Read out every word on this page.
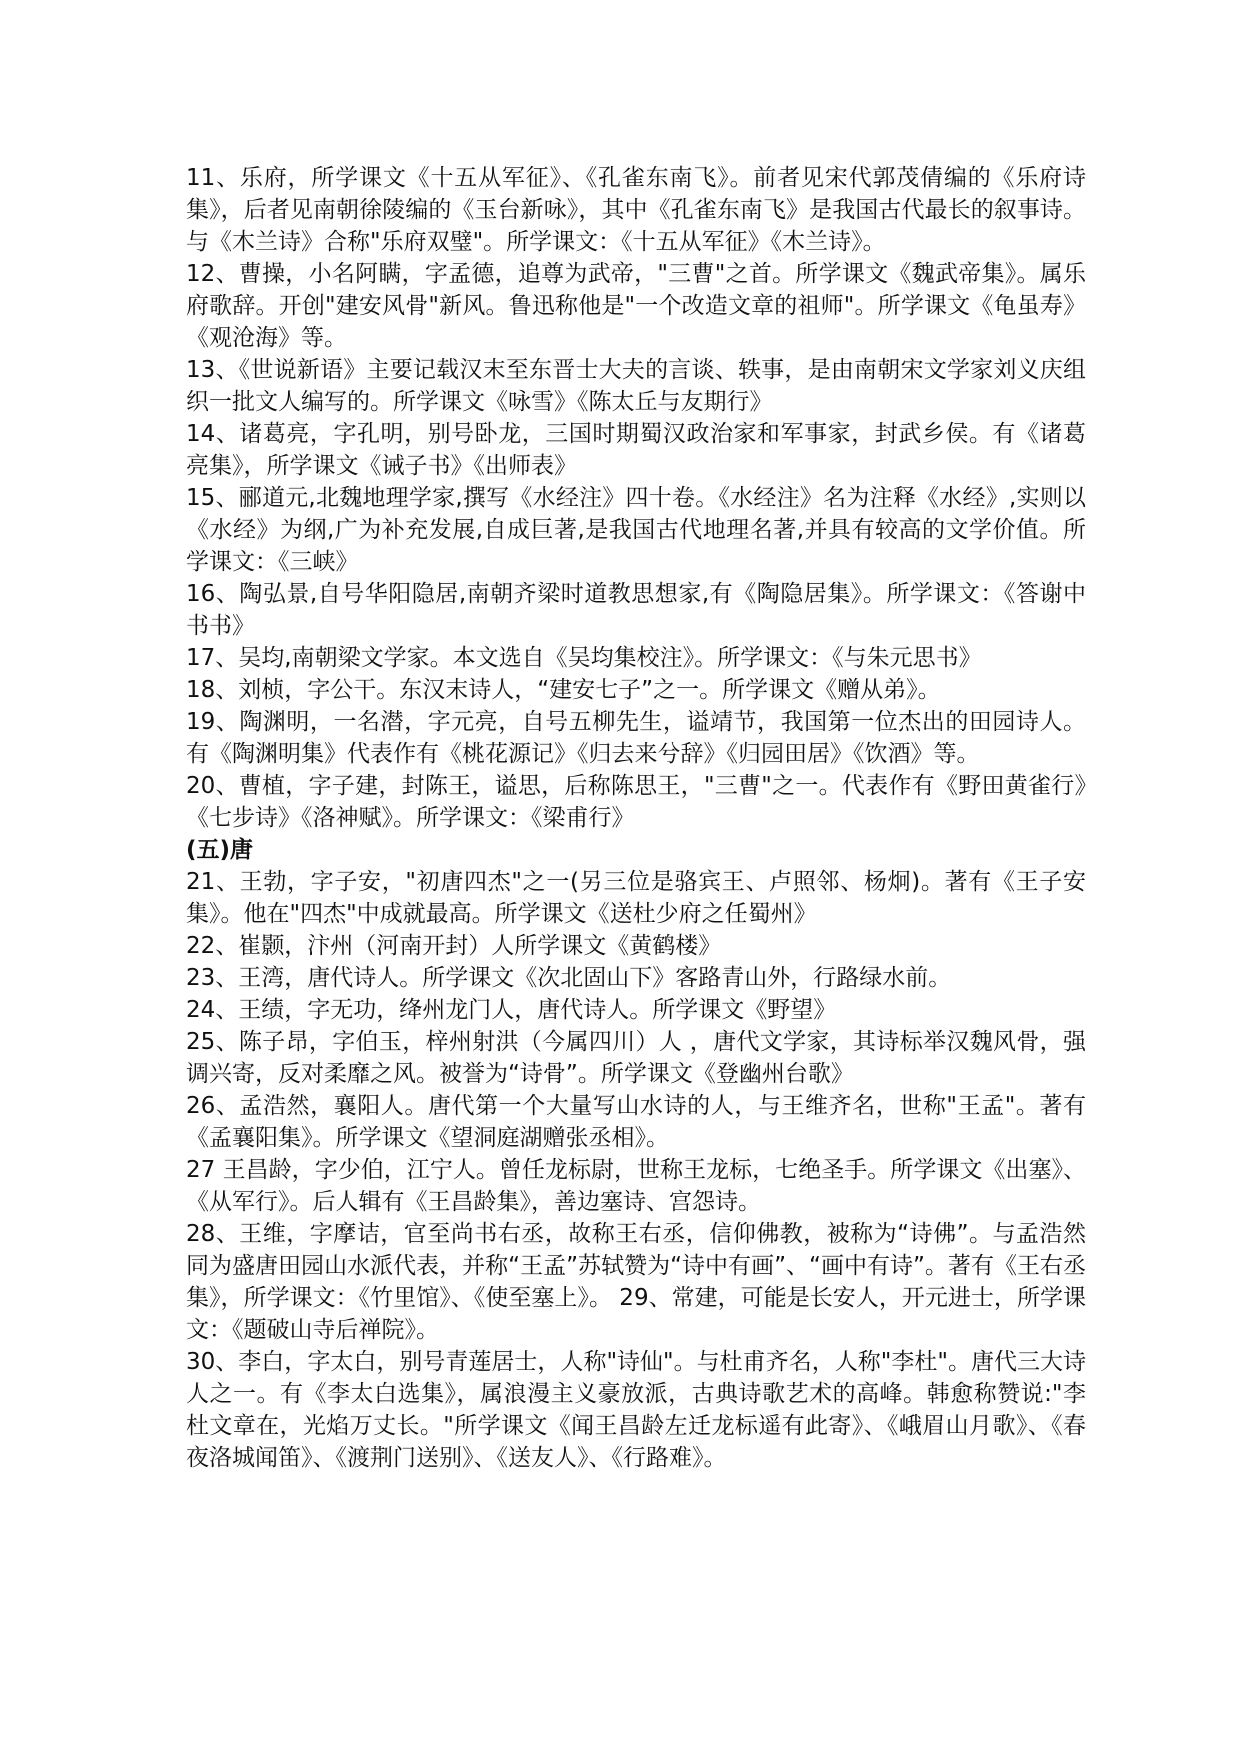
11、乐府，所学课文《十五从军征》、《孔雀东南飞》。前者见宋代郭茂倩编的《乐府诗集》，后者见南朝徐陵编的《玉台新咏》，其中《孔雀东南飞》是我国古代最长的叙事诗。与《木兰诗》合称"乐府双璧"。所学课文：《十五从军征》《木兰诗》。

12、曹操，小名阿瞒，字孟德，追尊为武帝，"三曹"之首。所学课文《魏武帝集》。属乐府歌辞。开创"建安风骨"新风。鲁迅称他是"一个改造文章的祖师"。所学课文《龟虽寿》《观沧海》等。

13、《世说新语》主要记载汉末至东晋士大夫的言谈、轶事，是由南朝宋文学家刘义庆组织一批文人编写的。所学课文《咏雪》《陈太丘与友期行》

14、诸葛亮，字孔明，别号卧龙，三国时期蜀汉政治家和军事家，封武乡侯。有《诸葛亮集》，所学课文《诫子书》《出师表》

15、郦道元,北魏地理学家,撰写《水经注》四十卷。《水经注》名为注释《水经》,实则以《水经》为纲,广为补充发展,自成巨著,是我国古代地理名著,并具有较高的文学价值。所学课文：《三峡》

16、陶弘景,自号华阳隐居,南朝齐梁时道教思想家,有《陶隐居集》。所学课文：《答谢中书书》

17、吴均,南朝梁文学家。本文选自《吴均集校注》。所学课文：《与朱元思书》

18、刘桢，字公干。东汉末诗人，“建安七子”之一。所学课文《赠从弟》。

19、陶渊明，一名潜，字元亮，自号五柳先生，谥靖节，我国第一位杰出的田园诗人。有《陶渊明集》代表作有《桃花源记》《归去来兮辞》《归园田居》《饮酒》等。

20、曹植，字子建，封陈王，谥思，后称陈思王，"三曹"之一。代表作有《野田黄雀行》《七步诗》《洛神赋》。所学课文：《梁甫行》

(五)唐

21、王勃，字子安，"初唐四杰"之一(另三位是骆宾王、卢照邻、杨炯)。著有《王子安集》。他在"四杰"中成就最高。所学课文《送杜少府之任蜀州》

22、崔颢，汴州（河南开封）人所学课文《黄鹤楼》

23、王湾，唐代诗人。所学课文《次北固山下》客路青山外，行路绿水前。

24、王绩，字无功，绛州龙门人，唐代诗人。所学课文《野望》

25、陈子昂，字伯玉，梓州射洪（今属四川）人 ，唐代文学家，其诗标举汉魏风骨，强调兴寄，反对柔靡之风。被誉为“诗骨”。所学课文《登幽州台歌》

26、孟浩然，襄阳人。唐代第一个大量写山水诗的人，与王维齐名，世称"王孟"。著有《孟襄阳集》。所学课文《望洞庭湖赠张丞相》。

27 王昌龄，字少伯，江宁人。曾任龙标尉，世称王龙标，七绝圣手。所学课文《出塞》、《从军行》。后人辑有《王昌龄集》，善边塞诗、宫怨诗。

28、王维，字摩诘，官至尚书右丞，故称王右丞，信仰佛教，被称为“诗佛”。与孟浩然同为盛唐田园山水派代表，并称“王孟”苏轼赞为“诗中有画”、“画中有诗”。著有《王右丞集》，所学课文：《竹里馆》、《使至塞上》。 29、常建，可能是长安人，开元进士，所学课文：《题破山寺后禅院》。

30、李白，字太白，别号青莲居士，人称"诗仙"。与杜甫齐名，人称"李杜"。唐代三大诗人之一。有《李太白选集》，属浪漫主义豪放派，古典诗歌艺术的高峰。韩愈称赞说:"李杜文章在，光焰万丈长。"所学课文《闻王昌龄左迁龙标遥有此寄》、《峨眉山月歌》、《春夜洛城闻笛》、《渡荆门送别》、《送友人》、《行路难》。
